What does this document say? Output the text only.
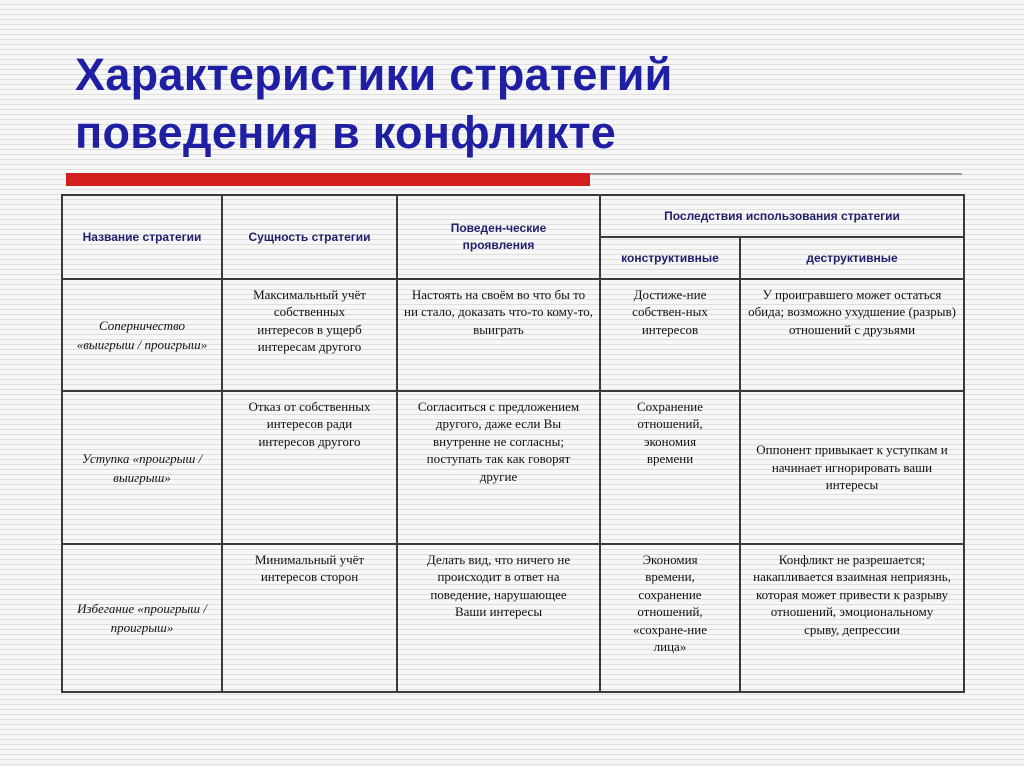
Характеристики стратегий
поведения в конфликте
Название стратегии	Сущность стратегии	Поведен-ческие проявления	Последствия использования стратегии	
			конструктивные	деструктивные
Соперничество «выигрыш / проигрыш»	Максимальный учёт собственных интересов в ущерб интересам другого	Настоять на своём во что бы то ни стало, доказать что-то кому-то, выиграть	Достиже-ние собствен-ных интересов	У проигравшего может остаться обида; возможно ухудшение (разрыв) отношений с друзьями
Уступка «проигрыш / выигрыш»	Отказ от собственных интересов ради интересов другого	Согласиться с предложением другого, даже если Вы внутренне не согласны; поступать так как говорят другие	Сохранение отношений, экономия времени	Оппонент привыкает к уступкам и начинает игнорировать ваши интересы
Избегание «проигрыш / проигрыш»	Минимальный учёт интересов сторон	Делать вид, что ничего не происходит в ответ на поведение, нарушающее Ваши интересы	Экономия времени, сохранение отношений, «сохране-ние лица»	Конфликт не разрешается; накапливается взаимная неприязнь, которая может привести к разрыву отношений, эмоциональному срыву, депрессии
